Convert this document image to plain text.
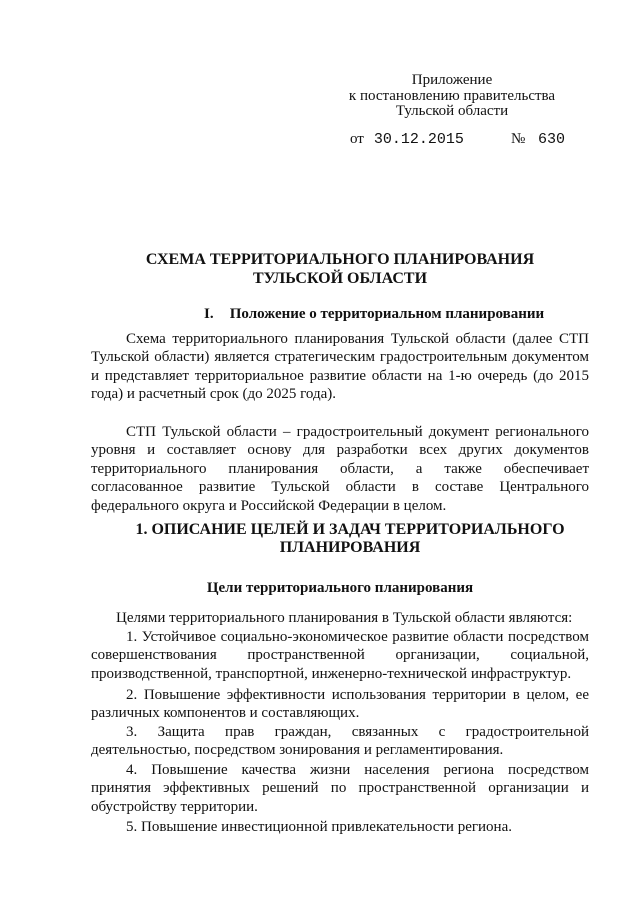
Приложение
к постановлению правительства
Тульской области
от 30.12.2015	№ 630
СХЕМА ТЕРРИТОРИАЛЬНОГО ПЛАНИРОВАНИЯ
ТУЛЬСКОЙ ОБЛАСТИ
I. Положение о территориальном планировании

Схема территориального планирования Тульской области (далее СТП Тульской области) является стратегическим градостроительным документом и представляет территориальное развитие области на 1-ю очередь (до 2015 года) и расчетный срок (до 2025 года).

СТП Тульской области – градостроительный документ регионального уровня и составляет основу для разработки всех других документов территориального планирования области, а также обеспечивает согласованное развитие Тульской области в составе Центрального федерального округа и Российской Федерации в целом.

1. ОПИСАНИЕ ЦЕЛЕЙ И ЗАДАЧ ТЕРРИТОРИАЛЬНОГО
ПЛАНИРОВАНИЯ
Цели территориального планирования

Целями территориального планирования в Тульской области являются:

1. Устойчивое социально-экономическое развитие области посредством совершенствования пространственной организации, социальной, производственной, транспортной, инженерно-технической инфраструктур.

2. Повышение эффективности использования территории в целом, ее различных компонентов и составляющих.

3. Защита прав граждан, связанных с градостроительной деятельностью, посредством зонирования и регламентирования.

4. Повышение качества жизни населения региона посредством принятия эффективных решений по пространственной организации и обустройству территории.

5. Повышение инвестиционной привлекательности региона.
